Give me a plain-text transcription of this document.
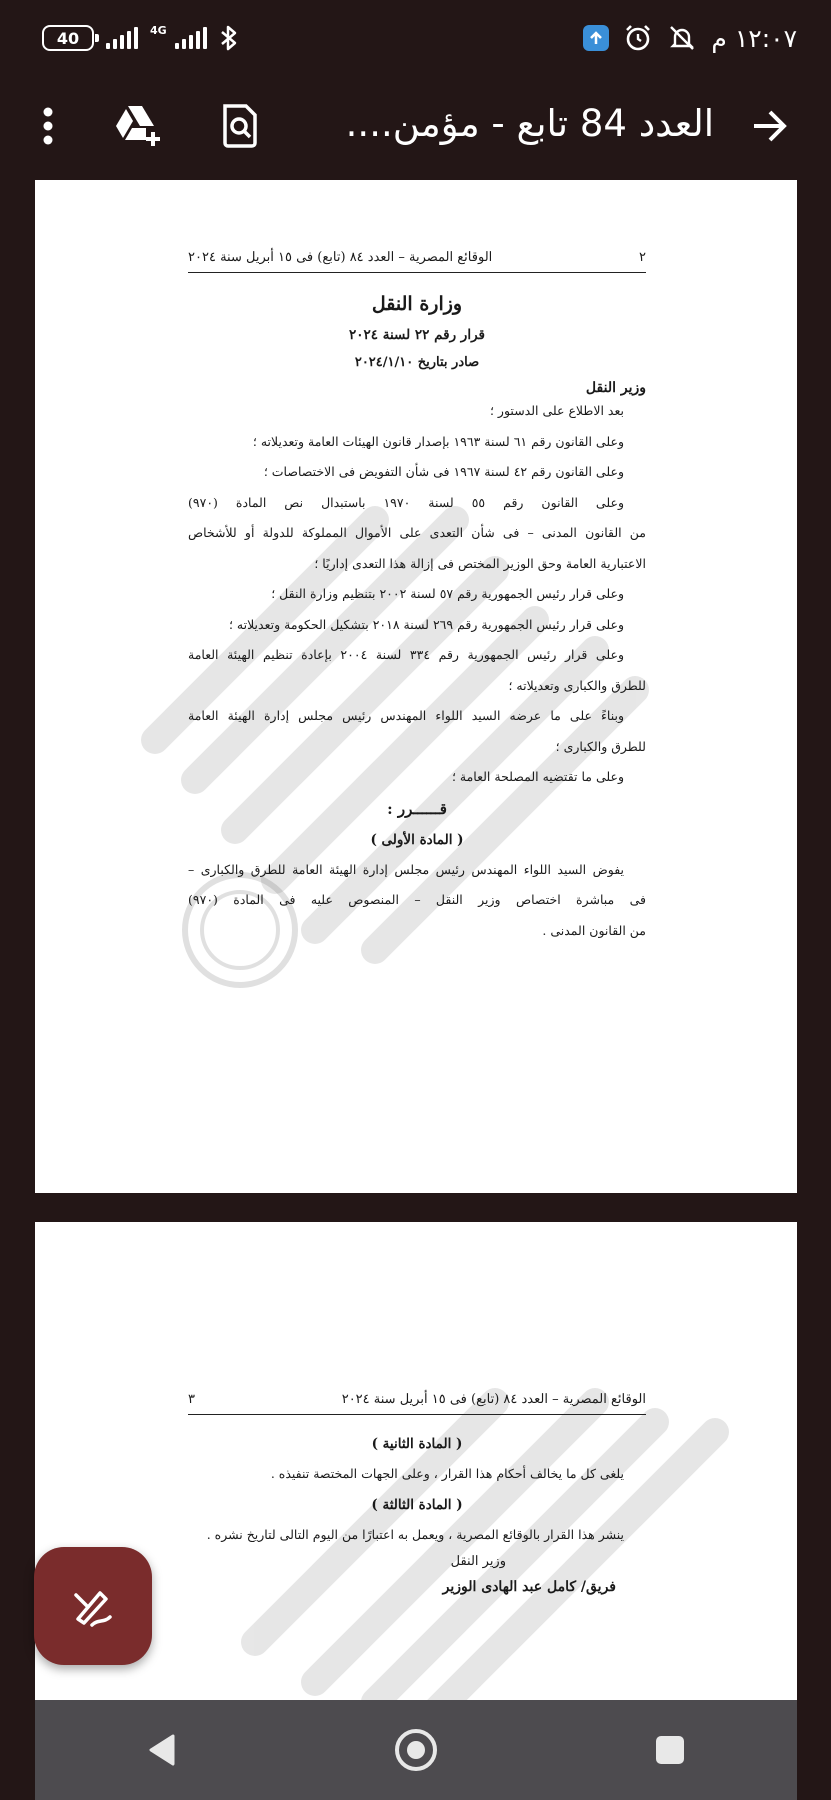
40	4G	١٢:٠٧ م
العدد 84 تابع - مؤمن....
٢
الوقائع المصرية – العدد ٨٤ (تابع) فى ١٥ أبريل سنة ٢٠٢٤
وزارة النقل
قرار رقم ٢٢ لسنة ٢٠٢٤
صادر بتاريخ ٢٠٢٤/١/١٠
وزير النقل
بعد الاطلاع على الدستور ؛
وعلى القانون رقم ٦١ لسنة ١٩٦٣ بإصدار قانون الهيئات العامة وتعديلاته ؛
وعلى القانون رقم ٤٢ لسنة ١٩٦٧ فى شأن التفويض فى الاختصاصات ؛
وعلى القانون رقم ٥٥ لسنة ١٩٧٠ باستبدال نص المادة (٩٧٠)
من القانون المدنى – فى شأن التعدى على الأموال المملوكة للدولة أو للأشخاص
الاعتبارية العامة وحق الوزير المختص فى إزالة هذا التعدى إداريًا ؛
وعلى قرار رئيس الجمهورية رقم ٥٧ لسنة ٢٠٠٢ بتنظيم وزارة النقل ؛
وعلى قرار رئيس الجمهورية رقم ٢٦٩ لسنة ٢٠١٨ بتشكيل الحكومة وتعديلاته ؛
وعلى قرار رئيس الجمهورية رقم ٣٣٤ لسنة ٢٠٠٤ بإعادة تنظيم الهيئة العامة
للطرق والكبارى وتعديلاته ؛
وبناءً على ما عرضه السيد اللواء المهندس رئيس مجلس إدارة الهيئة العامة
للطرق والكبارى ؛
وعلى ما تقتضيه المصلحة العامة ؛
قــــــرر :
( المادة الأولى )
يفوض السيد اللواء المهندس رئيس مجلس إدارة الهيئة العامة للطرق والكبارى –
فى مباشرة اختصاص وزير النقل – المنصوص عليه فى المادة (٩٧٠)
من القانون المدنى .
الوقائع المصرية – العدد ٨٤ (تابع) فى ١٥ أبريل سنة ٢٠٢٤
٣
( المادة الثانية )
يلغى كل ما يخالف أحكام هذا القرار ، وعلى الجهات المختصة تنفيذه .
( المادة الثالثة )
ينشر هذا القرار بالوقائع المصرية ، ويعمل به اعتبارًا من اليوم التالى لتاريخ نشره .
وزير النقل
فريق/ كامل عبد الهادى الوزير
